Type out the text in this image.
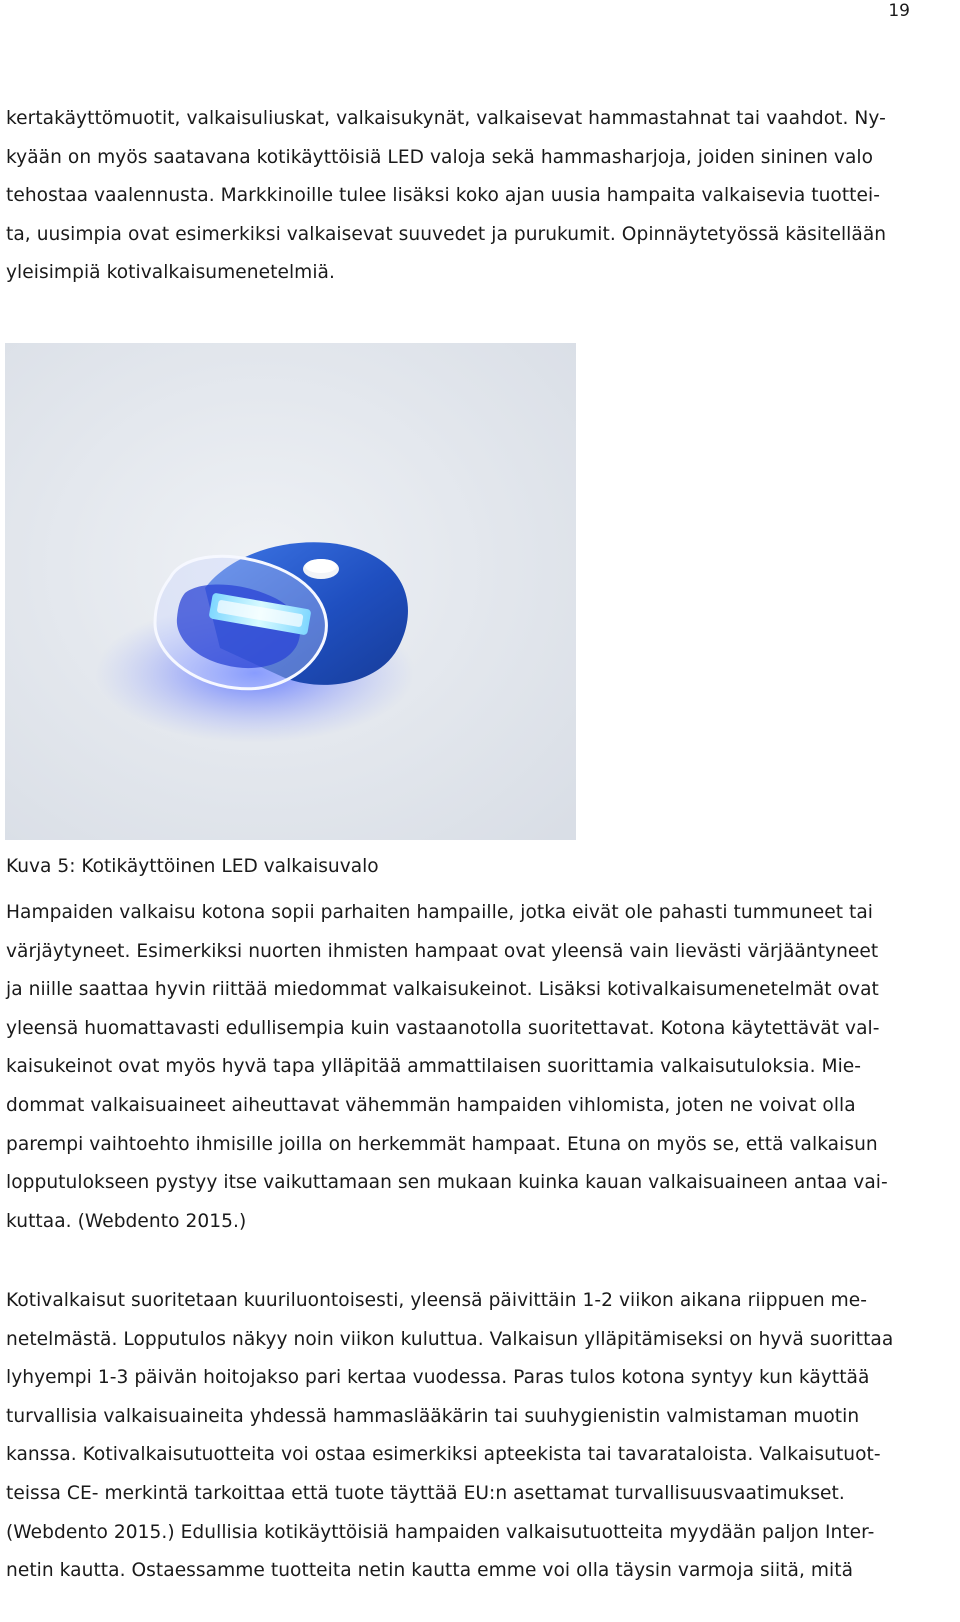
19

kertakäyttömuotit, valkaisuliuskat, valkaisukynät, valkaisevat hammastahnat tai vaahdot. Ny-
kyään on myös saatavana kotikäyttöisiä LED valoja sekä hammasharjoja, joiden sininen valo
tehostaa vaalennusta. Markkinoille tulee lisäksi koko ajan uusia hampaita valkaisevia tuottei-
ta, uusimpia ovat esimerkiksi valkaisevat suuvedet ja purukumit. Opinnäytetyössä käsitellään
yleisimpiä kotivalkaisumenetelmiä.

Kuva 5: Kotikäyttöinen LED valkaisuvalo

Hampaiden valkaisu kotona sopii parhaiten hampaille, jotka eivät ole pahasti tummuneet tai
värjäytyneet. Esimerkiksi nuorten ihmisten hampaat ovat yleensä vain lievästi värjääntyneet
ja niille saattaa hyvin riittää miedommat valkaisukeinot. Lisäksi kotivalkaisumenetelmät ovat
yleensä huomattavasti edullisempia kuin vastaanotolla suoritettavat. Kotona käytettävät val-
kaisukeinot ovat myös hyvä tapa ylläpitää ammattilaisen suorittamia valkaisutuloksia. Mie-
dommat valkaisuaineet aiheuttavat vähemmän hampaiden vihlomista, joten ne voivat olla
parempi vaihtoehto ihmisille joilla on herkemmät hampaat. Etuna on myös se, että valkaisun
lopputulokseen pystyy itse vaikuttamaan sen mukaan kuinka kauan valkaisuaineen antaa vai-
kuttaa. (Webdento 2015.)

Kotivalkaisut suoritetaan kuuriluontoisesti, yleensä päivittäin 1-2 viikon aikana riippuen me-
netelmästä. Lopputulos näkyy noin viikon kuluttua. Valkaisun ylläpitämiseksi on hyvä suorittaa
lyhyempi 1-3 päivän hoitojakso pari kertaa vuodessa. Paras tulos kotona syntyy kun käyttää
turvallisia valkaisuaineita yhdessä hammaslääkärin tai suuhygienistin valmistaman muotin
kanssa. Kotivalkaisutuotteita voi ostaa esimerkiksi apteekista tai tavarataloista. Valkaisutuot-
teissa CE- merkintä tarkoittaa että tuote täyttää EU:n asettamat turvallisuusvaatimukset.
(Webdento 2015.) Edullisia kotikäyttöisiä hampaiden valkaisutuotteita myydään paljon Inter-
netin kautta. Ostaessamme tuotteita netin kautta emme voi olla täysin varmoja siitä, mitä
